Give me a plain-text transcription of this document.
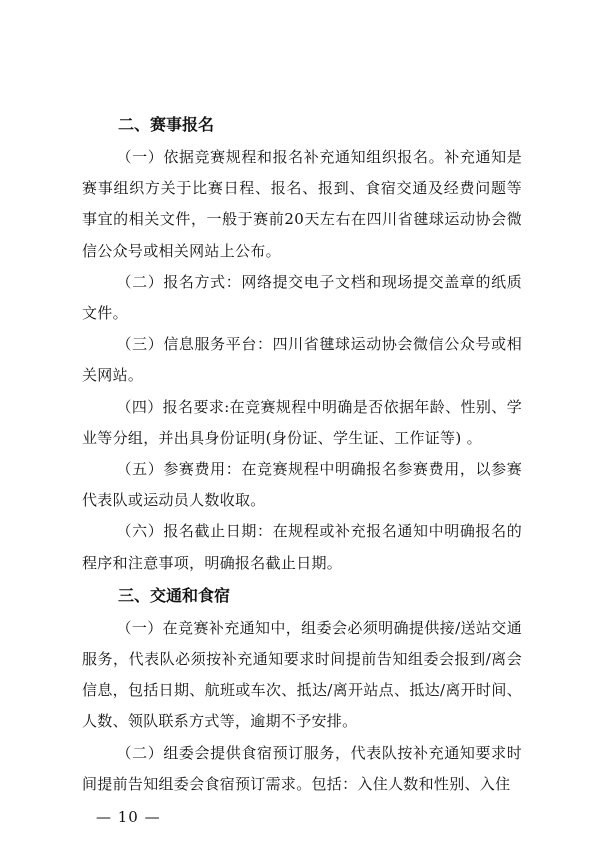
二、赛事报名

（一）依据竞赛规程和报名补充通知组织报名。补充通知是赛事组织方关于比赛日程、报名、报到、食宿交通及经费问题等事宜的相关文件，一般于赛前20天左右在四川省毽球运动协会微信公众号或相关网站上公布。

（二）报名方式：网络提交电子文档和现场提交盖章的纸质文件。

（三）信息服务平台：四川省毽球运动协会微信公众号或相关网站。

（四）报名要求:在竞赛规程中明确是否依据年龄、性别、学业等分组，并出具身份证明(身份证、学生证、工作证等) 。

（五）参赛费用：在竞赛规程中明确报名参赛费用，以参赛代表队或运动员人数收取。

（六）报名截止日期：在规程或补充报名通知中明确报名的程序和注意事项，明确报名截止日期。

三、交通和食宿

（一）在竞赛补充通知中，组委会必须明确提供接/送站交通服务，代表队必须按补充通知要求时间提前告知组委会报到/离会信息，包括日期、航班或车次、抵达/离开站点、抵达/离开时间、人数、领队联系方式等，逾期不予安排。

（二）组委会提供食宿预订服务，代表队按补充通知要求时间提前告知组委会食宿预订需求。包括：入住人数和性别、入住

— 10 —
